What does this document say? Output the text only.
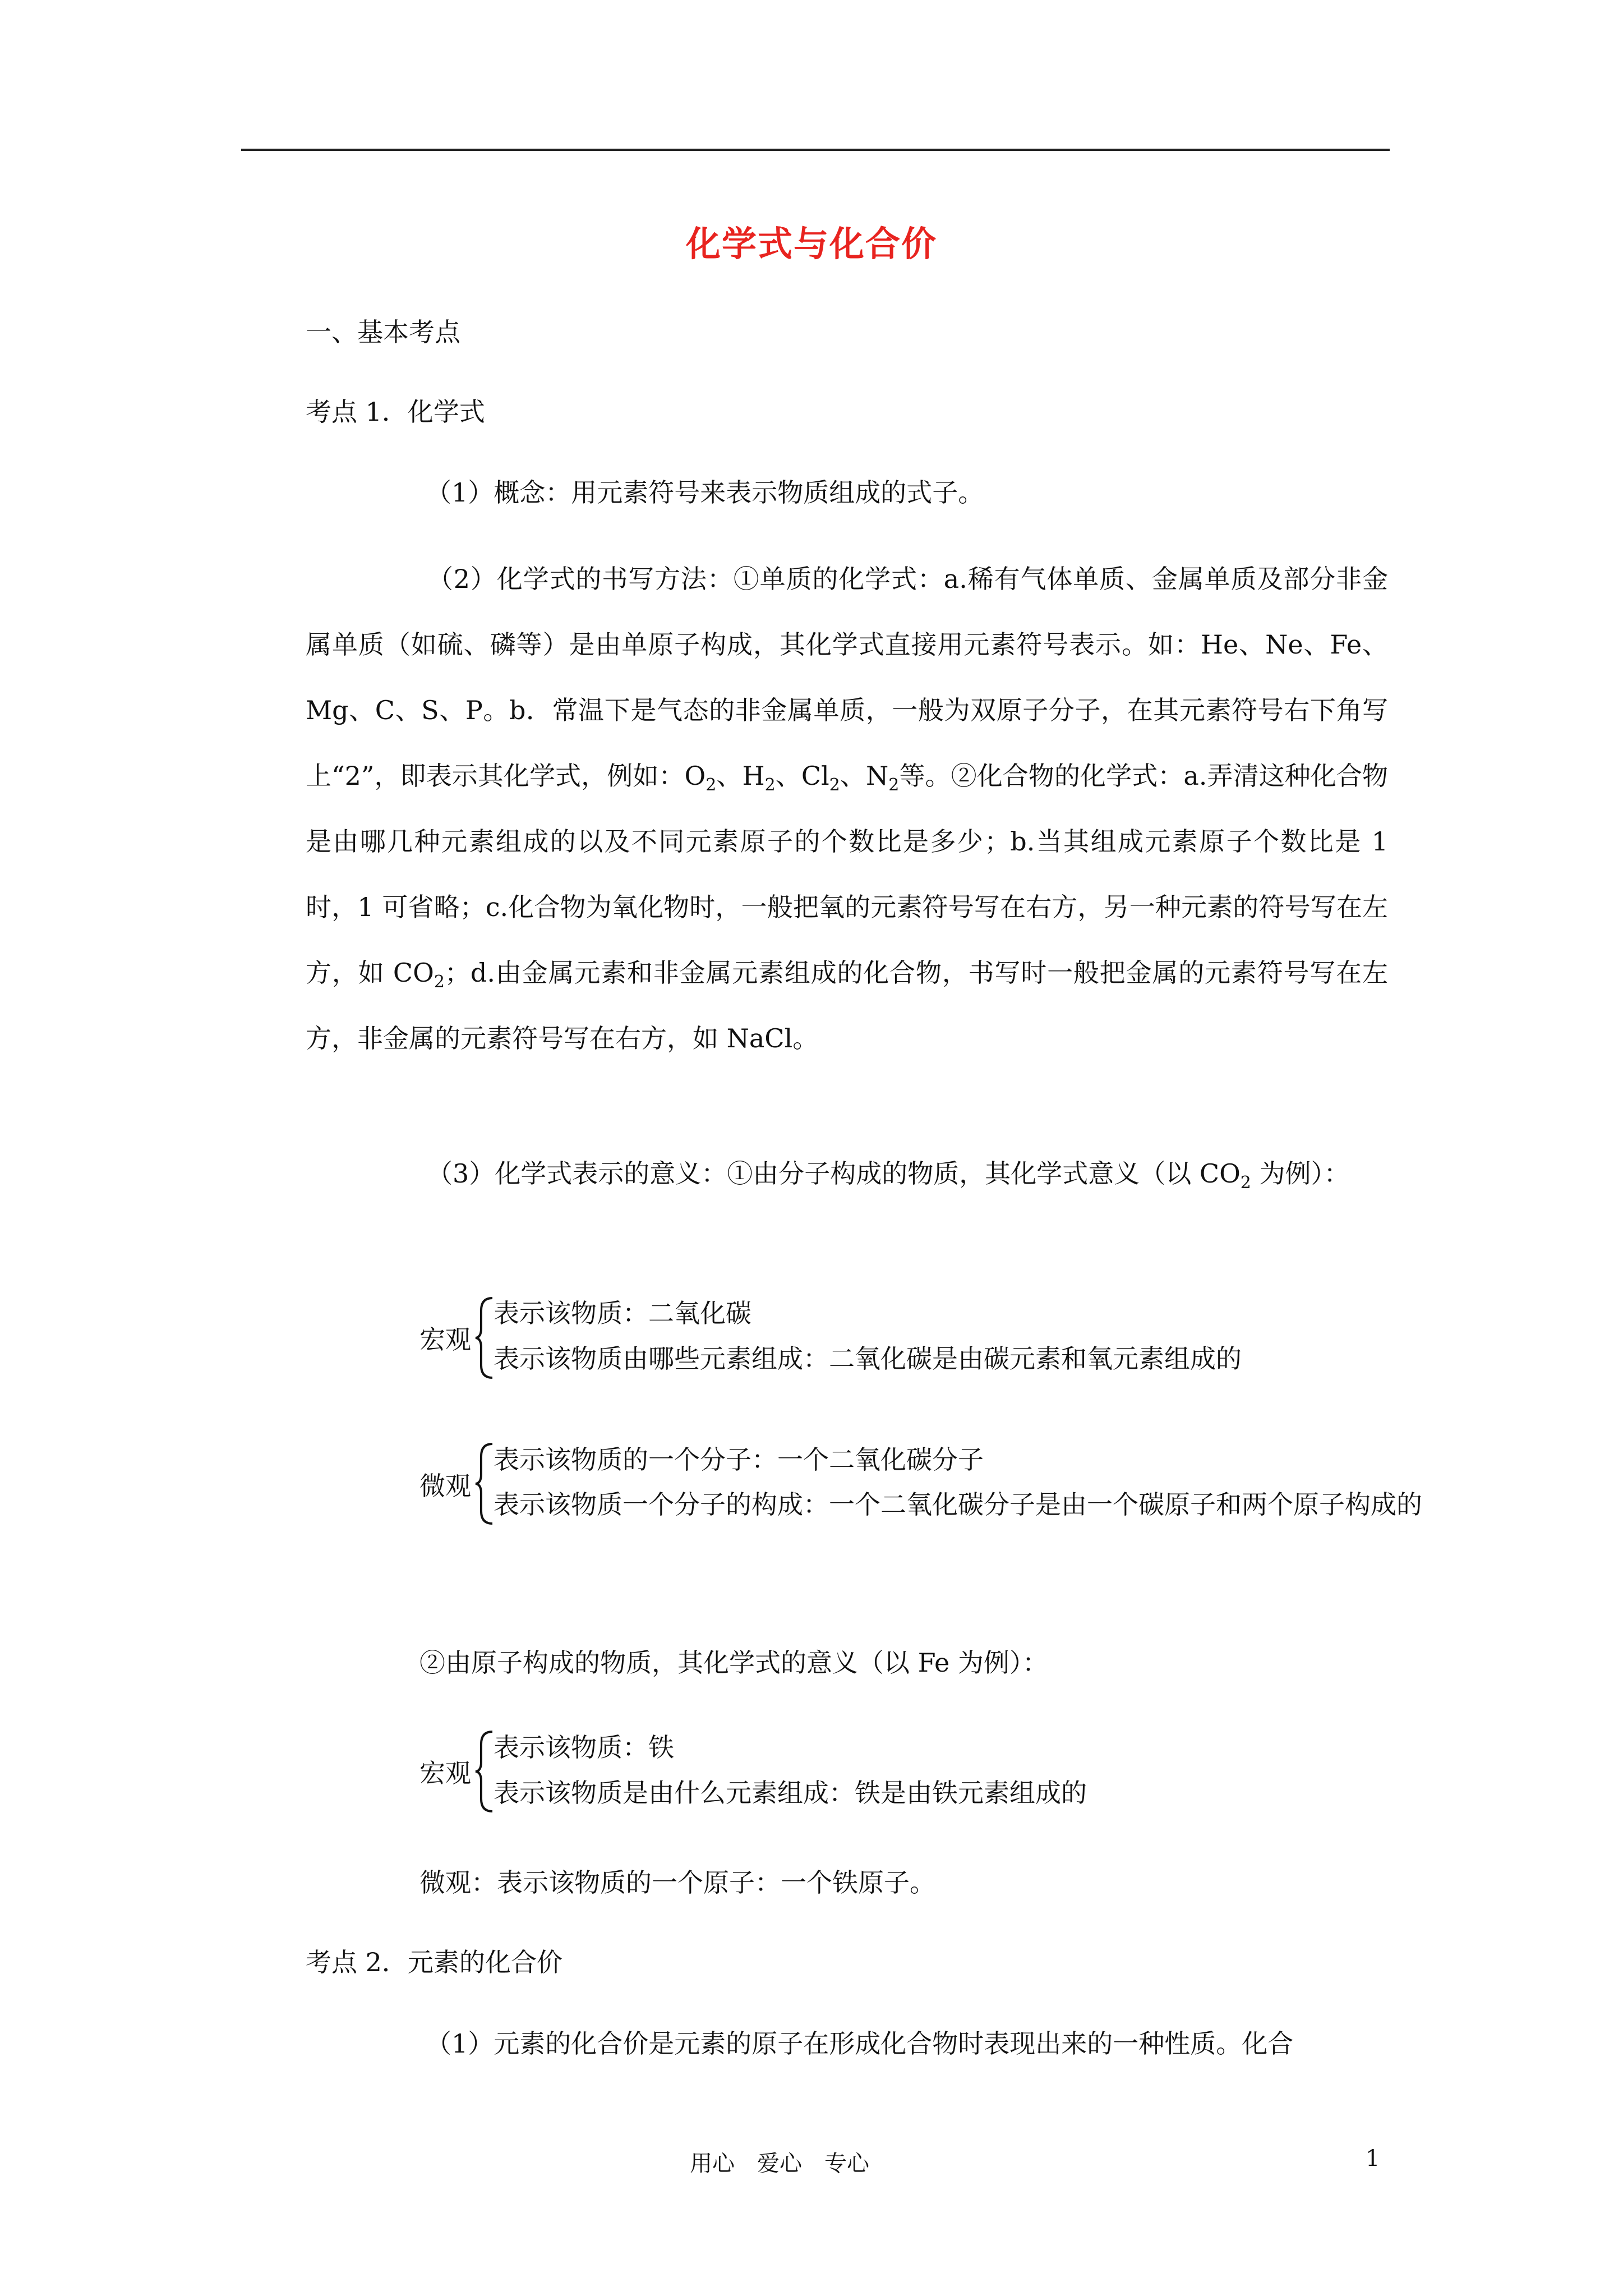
化学式与化合价
一、基本考点
考点 1．化学式
（1）概念：用元素符号来表示物质组成的式子。
（2）化学式的书写方法：①单质的化学式：a.稀有气体单质、金属单质及部分非金属单质（如硫、磷等）是由单原子构成，其化学式直接用元素符号表示。如：He、Ne、Fe、Mg、C、S、P。b．常温下是气态的非金属单质，一般为双原子分子，在其元素符号右下角写上“2”，即表示其化学式，例如：$O_2$、$H_2$、$Cl_2$、$N_2$等。②化合物的化学式：a.弄清这种化合物是由哪几种元素组成的以及不同元素原子的个数比是多少；b.当其组成元素原子个数比是 1 时，1 可省略；c.化合物为氧化物时，一般把氧的元素符号写在右方，另一种元素的符号写在左方，如 $CO_2$；d.由金属元素和非金属元素组成的化合物，书写时一般把金属的元素符号写在左方，非金属的元素符号写在右方，如 NaCl。
（3）化学式表示的意义：①由分子构成的物质，其化学式意义（以 $CO_2$ 为例）：
宏观
表示该物质：二氧化碳
表示该物质由哪些元素组成：二氧化碳是由碳元素和氧元素组成的
微观
表示该物质的一个分子：一个二氧化碳分子
表示该物质一个分子的构成：一个二氧化碳分子是由一个碳原子和两个原子构成的
②由原子构成的物质，其化学式的意义（以 Fe 为例）：
宏观
表示该物质：铁
表示该物质是由什么元素组成：铁是由铁元素组成的
微观：表示该物质的一个原子：一个铁原子。
考点 2．元素的化合价
（1）元素的化合价是元素的原子在形成化合物时表现出来的一种性质。化合
用心　爱心　专心	1
